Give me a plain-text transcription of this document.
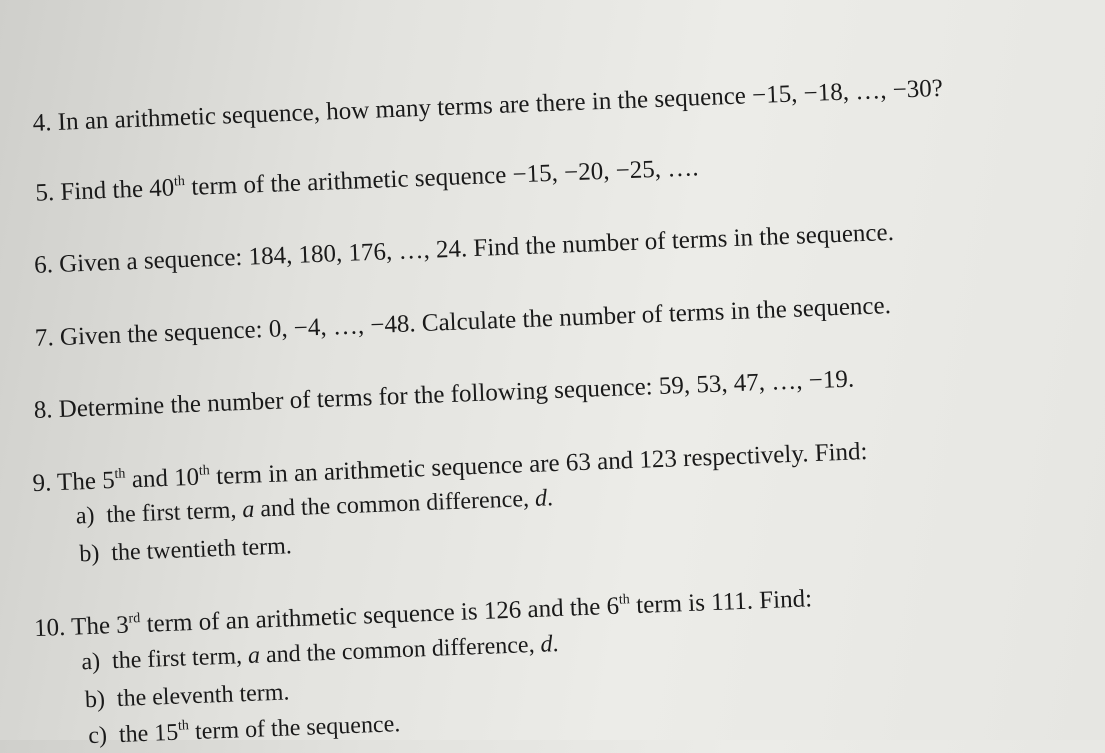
4. In an arithmetic sequence, how many terms are there in the sequence −15, −18, …, −30?
5. Find the 40th term of the arithmetic sequence −15, −20, −25, ….
6. Given a sequence: 184, 180, 176, …, 24. Find the number of terms in the sequence.
7. Given the sequence: 0, −4, …, −48. Calculate the number of terms in the sequence.
8. Determine the number of terms for the following sequence: 59, 53, 47, …, −19.
9. The 5th and 10th term in an arithmetic sequence are 63 and 123 respectively. Find:
a) the first term, a and the common difference, d.
b) the twentieth term.
10. The 3rd term of an arithmetic sequence is 126 and the 6th term is 111. Find:
a) the first term, a and the common difference, d.
b) the eleventh term.
c) the 15th term of the sequence.
